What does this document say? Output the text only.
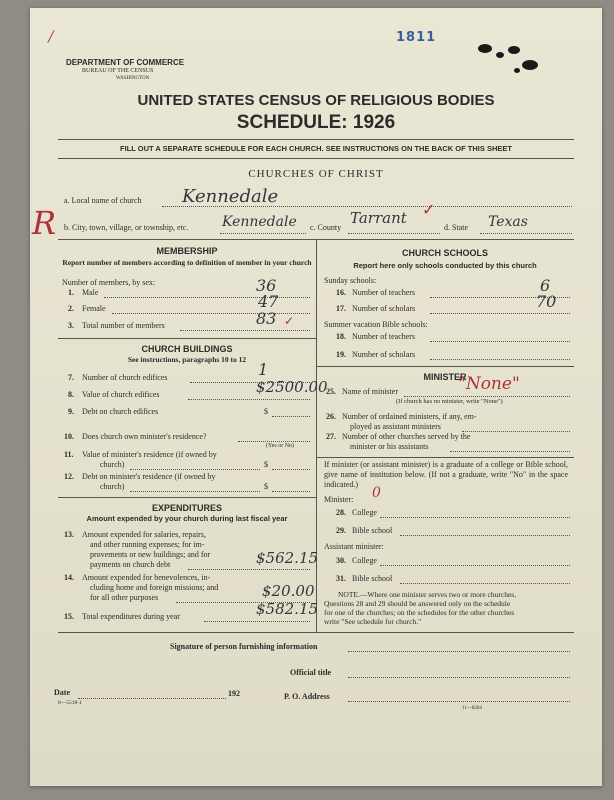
/	1811
DEPARTMENT OF COMMERCE
BUREAU OF THE CENSUS
WASHINGTON
UNITED STATES CENSUS OF RELIGIOUS BODIES
SCHEDULE: 1926
FILL OUT A SEPARATE SCHEDULE FOR EACH CHURCH. SEE INSTRUCTIONS ON THE BACK OF THIS SHEET
CHURCHES OF CHRIST
a. Local name of church Kennedale
R b. City, town, village, or township, etc. Kennedale c. County
Tarrant ✓
d. State Texas
MEMBERSHIP
Report number of members according to definition of member in your church
Number of members, by sex:
1. Male	36
2. Female	47
3. Total number of members	83 ✓
CHURCH BUILDINGS
See instructions, paragraphs 10 to 12
7. Number of church edifices	1
8. Value of church edifices	$2500.00
9. Debt on church edifices	$
10. Does church own minister's residence?
(Yes or No)
11. Value of minister's residence (if owned by
church)	$
12. Debt on minister's residence (if owned by
church)	$
EXPENDITURES
Amount expended by your church during last fiscal year
13. Amount expended for salaries, repairs,
and other running expenses; for im-
provements or new buildings; and for
payments on church debt	$562.15
14. Amount expended for benevolences, in-
cluding home and foreign missions; and
for all other purposes	$20.00
15. Total expenditures during year	$582.15
CHURCH SCHOOLS
Report here only schools conducted by this church
Sunday schools:
16. Number of teachers	6
17. Number of scholars	70
Summer vacation Bible schools:
18. Number of teachers
19. Number of scholars
MINISTER
25. Name of minister	"None"
(If church has no minister, write "None")
26. Number of ordained ministers, if any, em-
ployed as assistant ministers
27. Number of other churches served by the
minister or his assistants
If minister (or assistant minister) is a graduate of a college or Bible school, give name of institution below. (If not a graduate, write "No" in the space indicated.)
Minister: 0
28. College
29. Bible school
Assistant minister:
30. College
31. Bible school
NOTE.—Where one minister serves two or more churches,
Questions 28 and 29 should be answered only on the schedule
for one of the churches; on the schedules for the other churches
write "See schedule for church."
Signature of person furnishing information
Official title
Date	192	P. O. Address
8—5518-1
11—8204
